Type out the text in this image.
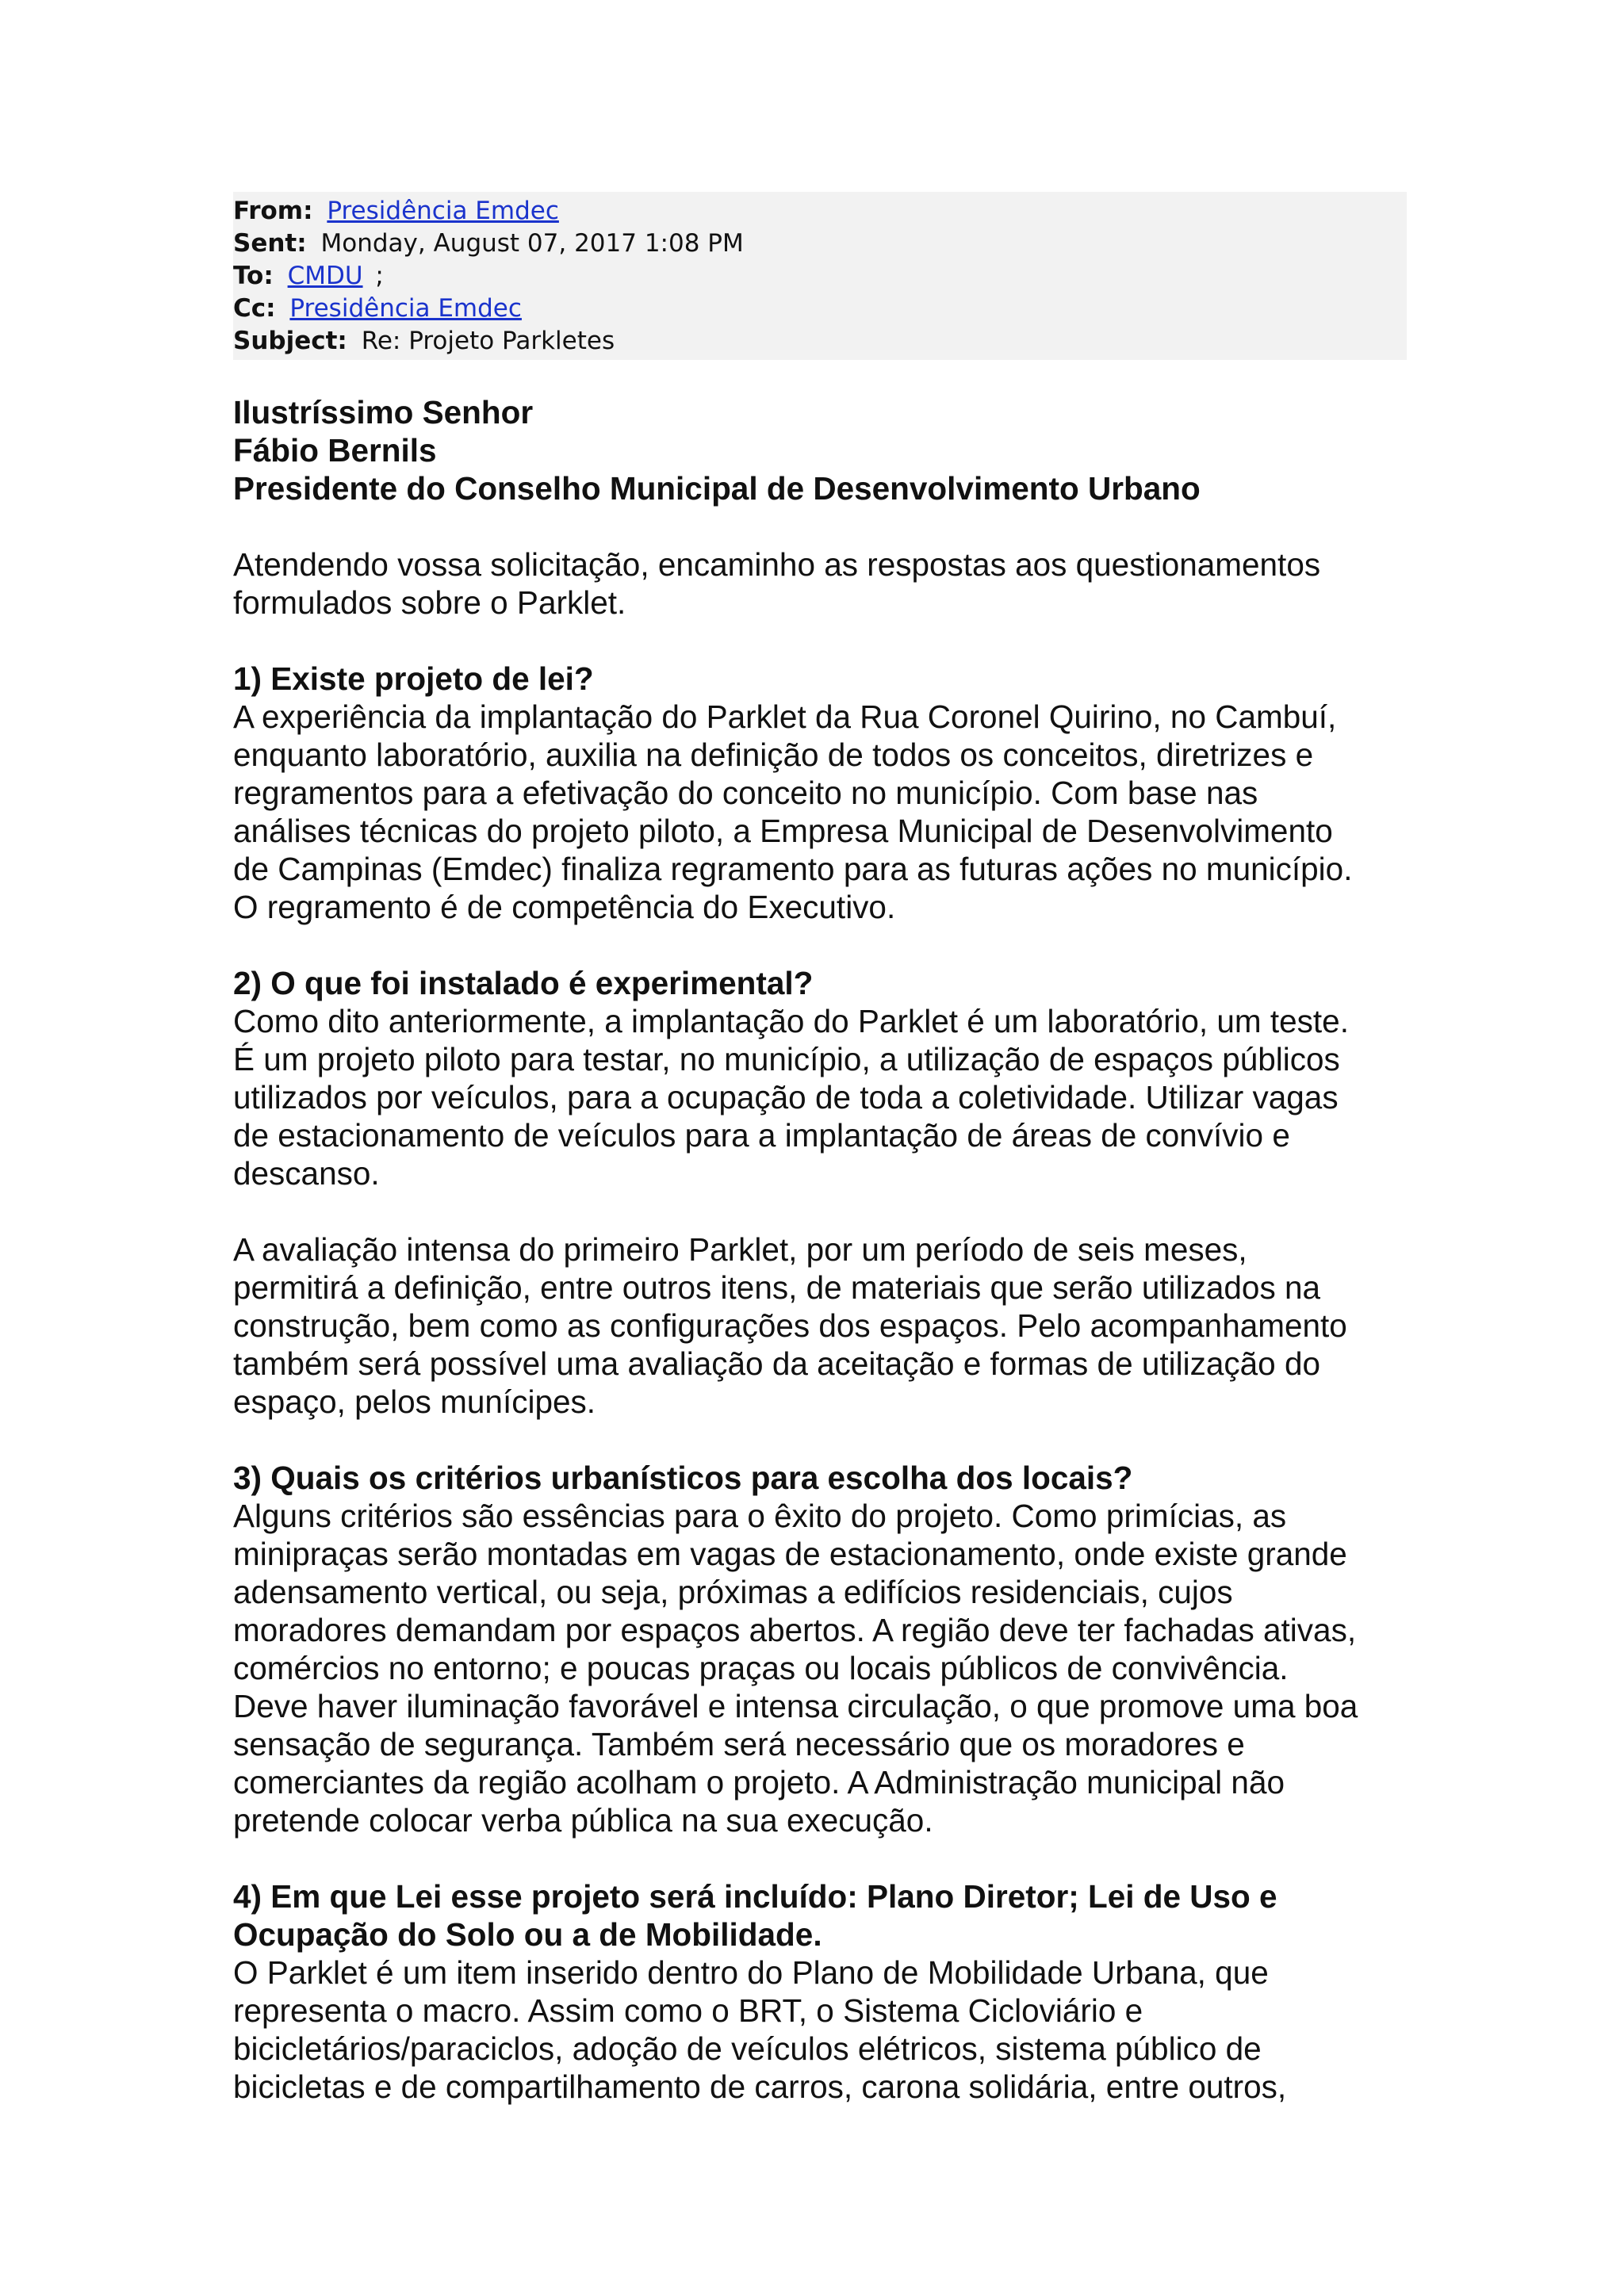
From: Presidência Emdec
Sent: Monday, August 07, 2017 1:08 PM
To: CMDU ;
Cc: Presidência Emdec
Subject: Re: Projeto Parkletes
Ilustríssimo Senhor
Fábio Bernils
Presidente do Conselho Municipal de Desenvolvimento Urbano
Atendendo vossa solicitação, encaminho as respostas aos questionamentos
formulados sobre o Parklet.
1) Existe projeto de lei?
A experiência da implantação do Parklet da Rua Coronel Quirino, no Cambuí,
enquanto laboratório, auxilia na definição de todos os conceitos, diretrizes e
regramentos para a efetivação do conceito no município. Com base nas
análises técnicas do projeto piloto, a Empresa Municipal de Desenvolvimento
de Campinas (Emdec) finaliza regramento para as futuras ações no município.
O regramento é de competência do Executivo.
2) O que foi instalado é experimental?
Como dito anteriormente, a implantação do Parklet é um laboratório, um teste.
É um projeto piloto para testar, no município, a utilização de espaços públicos
utilizados por veículos, para a ocupação de toda a coletividade. Utilizar vagas
de estacionamento de veículos para a implantação de áreas de convívio e
descanso.
A avaliação intensa do primeiro Parklet, por um período de seis meses,
permitirá a definição, entre outros itens, de materiais que serão utilizados na
construção, bem como as configurações dos espaços. Pelo acompanhamento
também será possível uma avaliação da aceitação e formas de utilização do
espaço, pelos munícipes.
3) Quais os critérios urbanísticos para escolha dos locais?
Alguns critérios são essências para o êxito do projeto. Como primícias, as
minipraças serão montadas em vagas de estacionamento, onde existe grande
adensamento vertical, ou seja, próximas a edifícios residenciais, cujos
moradores demandam por espaços abertos. A região deve ter fachadas ativas,
comércios no entorno; e poucas praças ou locais públicos de convivência.
Deve haver iluminação favorável e intensa circulação, o que promove uma boa
sensação de segurança. Também será necessário que os moradores e
comerciantes da região acolham o projeto. A Administração municipal não
pretende colocar verba pública na sua execução.
4) Em que Lei esse projeto será incluído: Plano Diretor; Lei de Uso e
Ocupação do Solo ou a de Mobilidade.
O Parklet é um item inserido dentro do Plano de Mobilidade Urbana, que
representa o macro. Assim como o BRT, o Sistema Cicloviário e
bicicletários/paraciclos, adoção de veículos elétricos, sistema público de
bicicletas e de compartilhamento de carros, carona solidária, entre outros,
